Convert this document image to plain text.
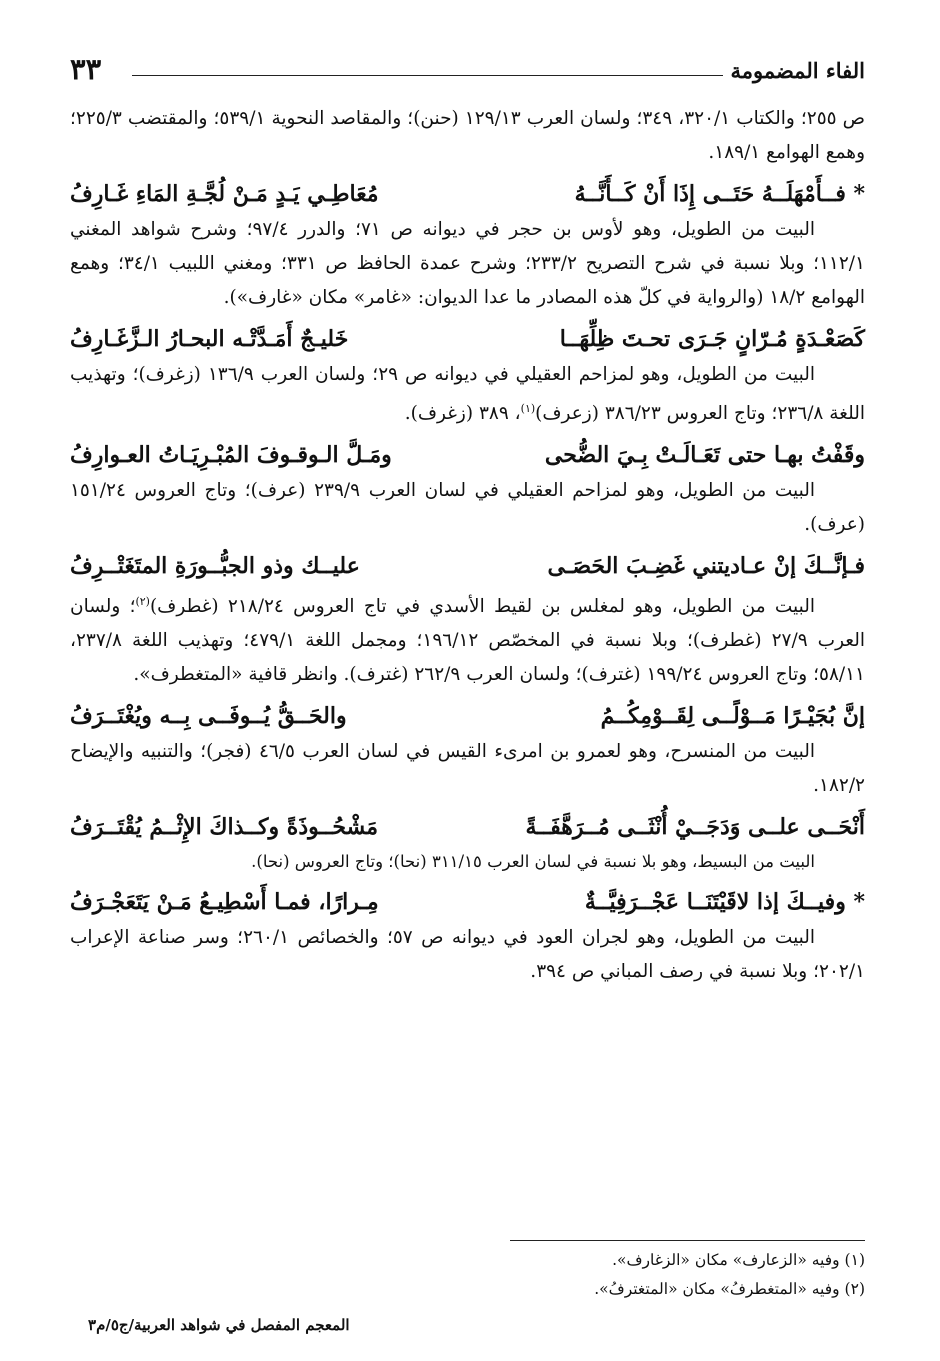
الفاء المضمومة
٣٣

ص ٢٥٥؛ والكتاب ٣٢٠/١، ٣٤٩؛ ولسان العرب ١٢٩/١٣ (حنن)؛ والمقاصد النحوية ٥٣٩/١؛ والمقتضب ٢٢٥/٣؛ وهمع الهوامع ١٨٩/١.

* فــأَمْهَلَــهُ حَتَــى إِذَا أَنْ كَــأَنَّــهُ
مُعَاطِـي يَـدٍ مَـنْ لُجَّـةِ المَاءِ غَـارِفُ

البيت من الطويل، وهو لأوس بن حجر في ديوانه ص ٧١؛ والدرر ٩٧/٤؛ وشرح شواهد المغني ١١٢/١؛ وبلا نسبة في شرح التصريح ٢٣٣/٢؛ وشرح عمدة الحافظ ص ٣٣١؛ ومغني اللبيب ٣٤/١؛ وهمع الهوامع ١٨/٢ (والرواية في كلّ هذه المصادر ما عدا الديوان: «غامر» مكان «غارف»).

كَصَعْـدَةٍ مُـرّانٍ جَـرَى تحـتَ ظِلِّهَــا
خَليـجٌ أَمَـدَّتْـه البحـارُ الـزَّغَـارِفُ

البيت من الطويل، وهو لمزاحم العقيلي في ديوانه ص ٢٩؛ ولسان العرب ١٣٦/٩ (زغرف)؛ وتهذيب اللغة ٢٣٦/٨؛ وتاج العروس ٣٨٦/٢٣ (زعرف)$^{(١)}$، ٣٨٩ (زغرف).

وقَفْتُ بهـا حتى تَعَـالَـتْ بِـيَ الضُّحى
ومَـلَّ الـوقـوفَ المُبْـرِيَـاتُ العـوارِفُ

البيت من الطويل، وهو لمزاحم العقيلي في لسان العرب ٢٣٩/٩ (عرف)؛ وتاج العروس ١٥١/٢٤ (عرف).

فـإنَّــكَ إنْ عـاديتني غَضِـبَ الحَصَـى
عليــك وذو الجبُّــورَةِ المتَغَتْــرِفُ

البيت من الطويل، وهو لمغلس بن لقيط الأسدي في تاج العروس ٢١٨/٢٤ (غطرف)$^{(٢)}$؛ ولسان العرب ٢٧/٩ (غطرف)؛ وبلا نسبة في المخصّص ١٩٦/١٢؛ ومجمل اللغة ٤٧٩/١؛ وتهذيب اللغة ٢٣٧/٨، ٥٨/١١؛ وتاج العروس ١٩٩/٢٤ (غترف)؛ ولسان العرب ٢٦٢/٩ (غترف). وانظر قافية «المتغطرف».

إنَّ بُجَيْـرًا مَــوْلًــى لِقَــوْمِكُــمُ
والحَــقُّ يُــوفَــى بِــه ويُغْتَــرَفُ

البيت من المنسرح، وهو لعمرو بن امرىء القيس في لسان العرب ٤٦/٥ (فجر)؛ والتنبيه والإيضاح ١٨٢/٢.

أَنْحَــى علــى وَدَجَــيْ أُنْثَــى مُــرَهَّفَــةً
مَشْحُــوذَةً وكــذاكَ الإِثْــمُ يُقْتَــرَفُ

البيت من البسيط، وهو بلا نسبة في لسان العرب ٣١١/١٥ (نحا)؛ وتاج العروس (نحا).

* وفيــكَ إذا لاقَيْتَنَــا عَجْــرَفِيَّــةٌ
مِـرارًا، فمـا أَسْطِيـعُ مَـنْ يَتَعَجْـرَفُ

البيت من الطويل، وهو لجران العود في ديوانه ص ٥٧؛ والخصائص ٢٦٠/١؛ وسر صناعة الإعراب ٢٠٢/١؛ وبلا نسبة في رصف المباني ص ٣٩٤.

(١) وفيه «الزعارف» مكان «الزغارف».

(٢) وفيه «المتغطرفُ» مكان «المتغترفُ».

المعجم المفصل في شواهد العربية/ج٥/م٣
